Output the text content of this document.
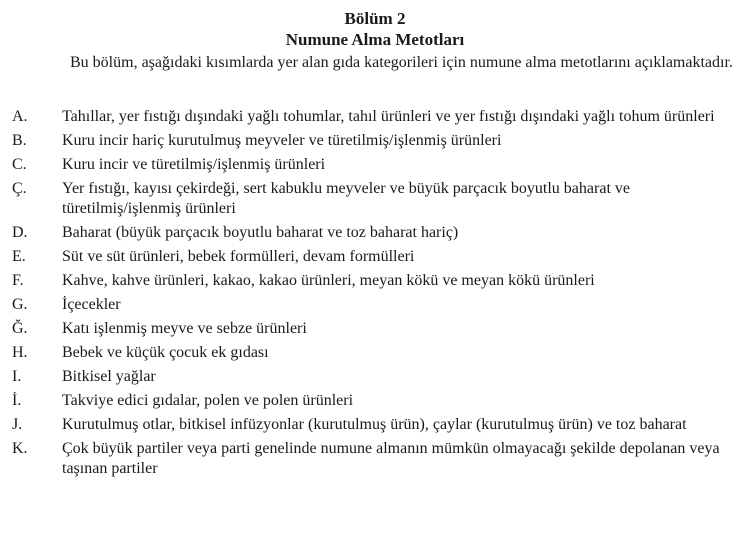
Bölüm 2
Numune Alma Metotları

Bu bölüm, aşağıdaki kısımlarda yer alan gıda kategorileri için numune alma metotlarını açıklamaktadır.

A.	Tahıllar, yer fıstığı dışındaki yağlı tohumlar, tahıl ürünleri ve yer fıstığı dışındaki yağlı tohum ürünleri
B.	Kuru incir hariç kurutulmuş meyveler ve türetilmiş/işlenmiş ürünleri
C.	Kuru incir ve türetilmiş/işlenmiş ürünleri
Ç.	Yer fıstığı, kayısı çekirdeği, sert kabuklu meyveler ve büyük parçacık boyutlu baharat ve türetilmiş/işlenmiş ürünleri
D.	Baharat (büyük parçacık boyutlu baharat ve toz baharat hariç)
E.	Süt ve süt ürünleri, bebek formülleri, devam formülleri
F.	Kahve, kahve ürünleri, kakao, kakao ürünleri, meyan kökü ve meyan kökü ürünleri
G.	İçecekler
Ğ.	Katı işlenmiş meyve ve sebze ürünleri
H.	Bebek ve küçük çocuk ek gıdası
I.	Bitkisel yağlar
İ.	Takviye edici gıdalar, polen ve polen ürünleri
J.	Kurutulmuş otlar, bitkisel infüzyonlar (kurutulmuş ürün), çaylar (kurutulmuş ürün) ve toz baharat
K.	Çok büyük partiler veya parti genelinde numune almanın mümkün olmayacağı şekilde depolanan veya taşınan partiler
